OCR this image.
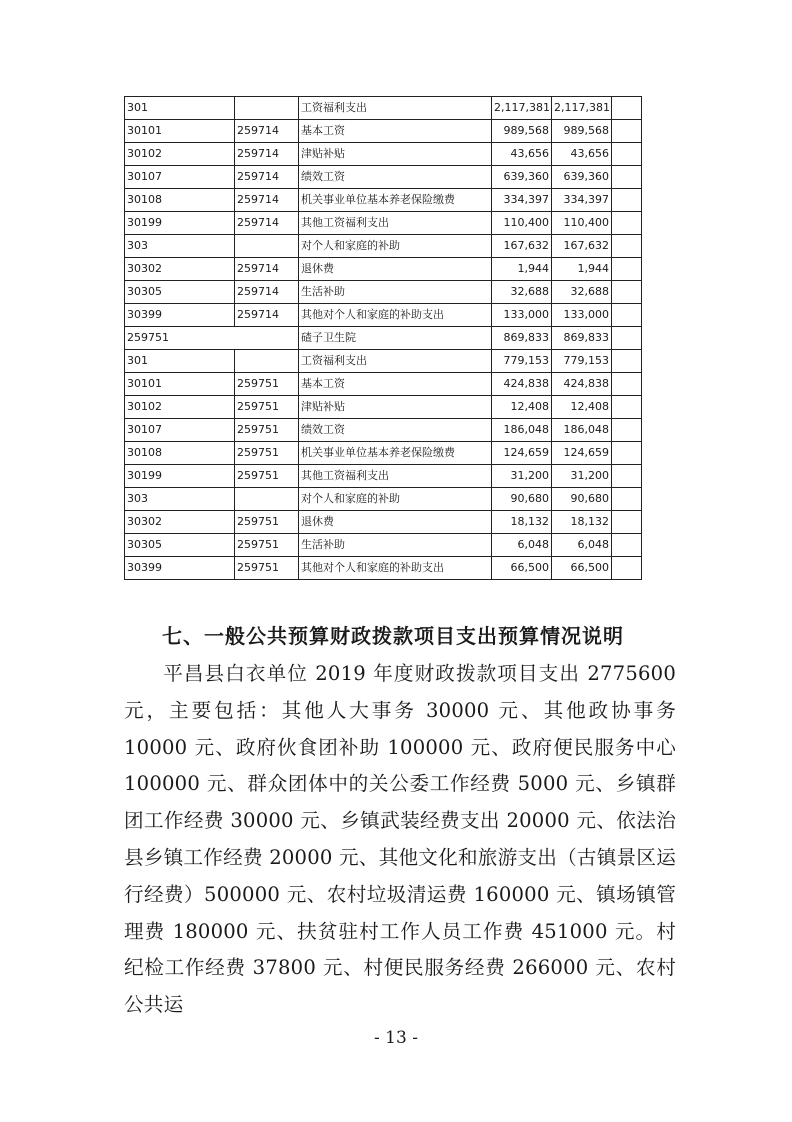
301		工资福利支出	2,117,381	2,117,381	
30101	259714	基本工资	989,568	989,568	
30102	259714	津贴补贴	43,656	43,656	
30107	259714	绩效工资	639,360	639,360	
30108	259714	机关事业单位基本养老保险缴费	334,397	334,397	
30199	259714	其他工资福利支出	110,400	110,400	
303		对个人和家庭的补助	167,632	167,632	
30302	259714	退休费	1,944	1,944	
30305	259714	生活补助	32,688	32,688	
30399	259714	其他对个人和家庭的补助支出	133,000	133,000	
259751		碴子卫生院	869,833	869,833	
301		工资福利支出	779,153	779,153	
30101	259751	基本工资	424,838	424,838	
30102	259751	津贴补贴	12,408	12,408	
30107	259751	绩效工资	186,048	186,048	
30108	259751	机关事业单位基本养老保险缴费	124,659	124,659	
30199	259751	其他工资福利支出	31,200	31,200	
303		对个人和家庭的补助	90,680	90,680	
30302	259751	退休费	18,132	18,132	
30305	259751	生活补助	6,048	6,048	
30399	259751	其他对个人和家庭的补助支出	66,500	66,500	
七、一般公共预算财政拨款项目支出预算情况说明

平昌县白衣单位 2019 年度财政拨款项目支出 2775600 元，主要包括：其他人大事务 30000 元、其他政协事务 10000 元、政府伙食团补助 100000 元、政府便民服务中心 100000 元、群众团体中的关公委工作经费 5000 元、乡镇群团工作经费 30000 元、乡镇武装经费支出 20000 元、依法治县乡镇工作经费 20000 元、其他文化和旅游支出（古镇景区运行经费）500000 元、农村垃圾清运费 160000 元、镇场镇管理费 180000 元、扶贫驻村工作人员工作费 451000 元。村纪检工作经费 37800 元、村便民服务经费 266000 元、农村公共运

- 13 -
